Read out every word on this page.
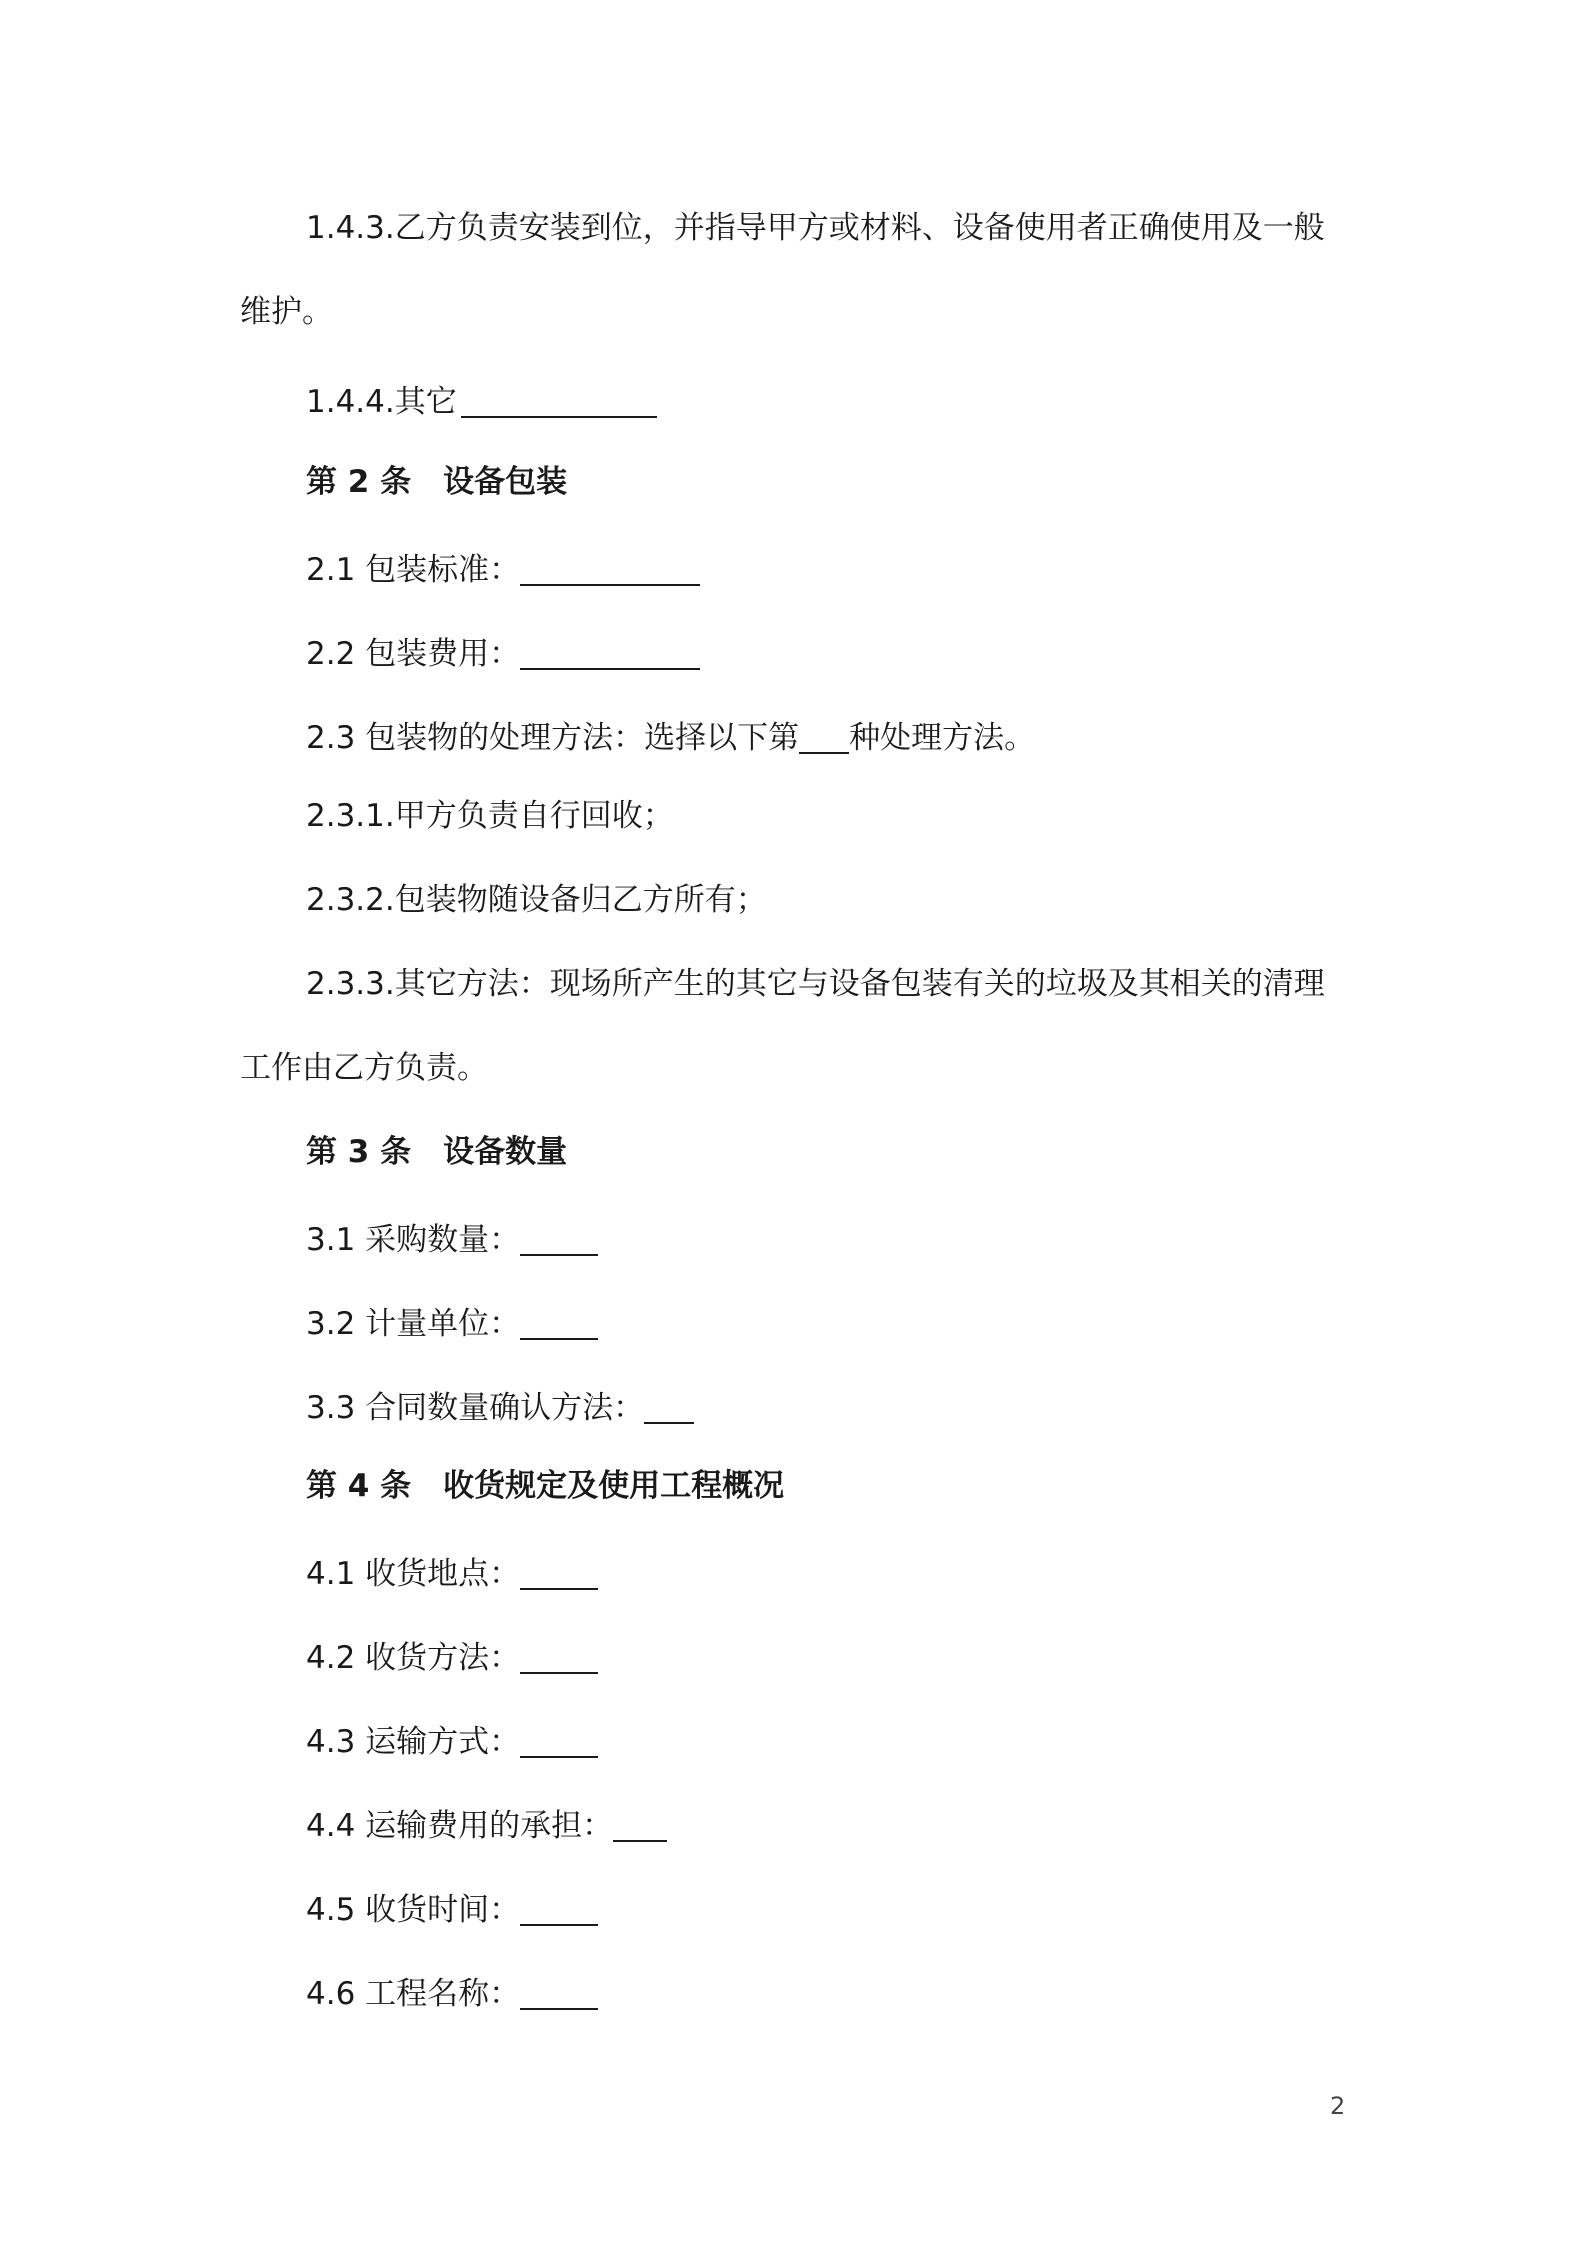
1.4.3.乙方负责安装到位，并指导甲方或材料、设备使用者正确使用及一般
维护。
1.4.4.其它
第 2 条 设备包装
2.1 包装标准：
2.2 包装费用：
2.3 包装物的处理方法：选择以下第 种处理方法。
2.3.1.甲方负责自行回收；
2.3.2.包装物随设备归乙方所有；
2.3.3.其它方法：现场所产生的其它与设备包装有关的垃圾及其相关的清理
工作由乙方负责。
第 3 条 设备数量
3.1 采购数量：
3.2 计量单位：
3.3 合同数量确认方法：
第 4 条 收货规定及使用工程概况
4.1 收货地点：
4.2 收货方法：
4.3 运输方式：
4.4 运输费用的承担：
4.5 收货时间：
4.6 工程名称：
2
